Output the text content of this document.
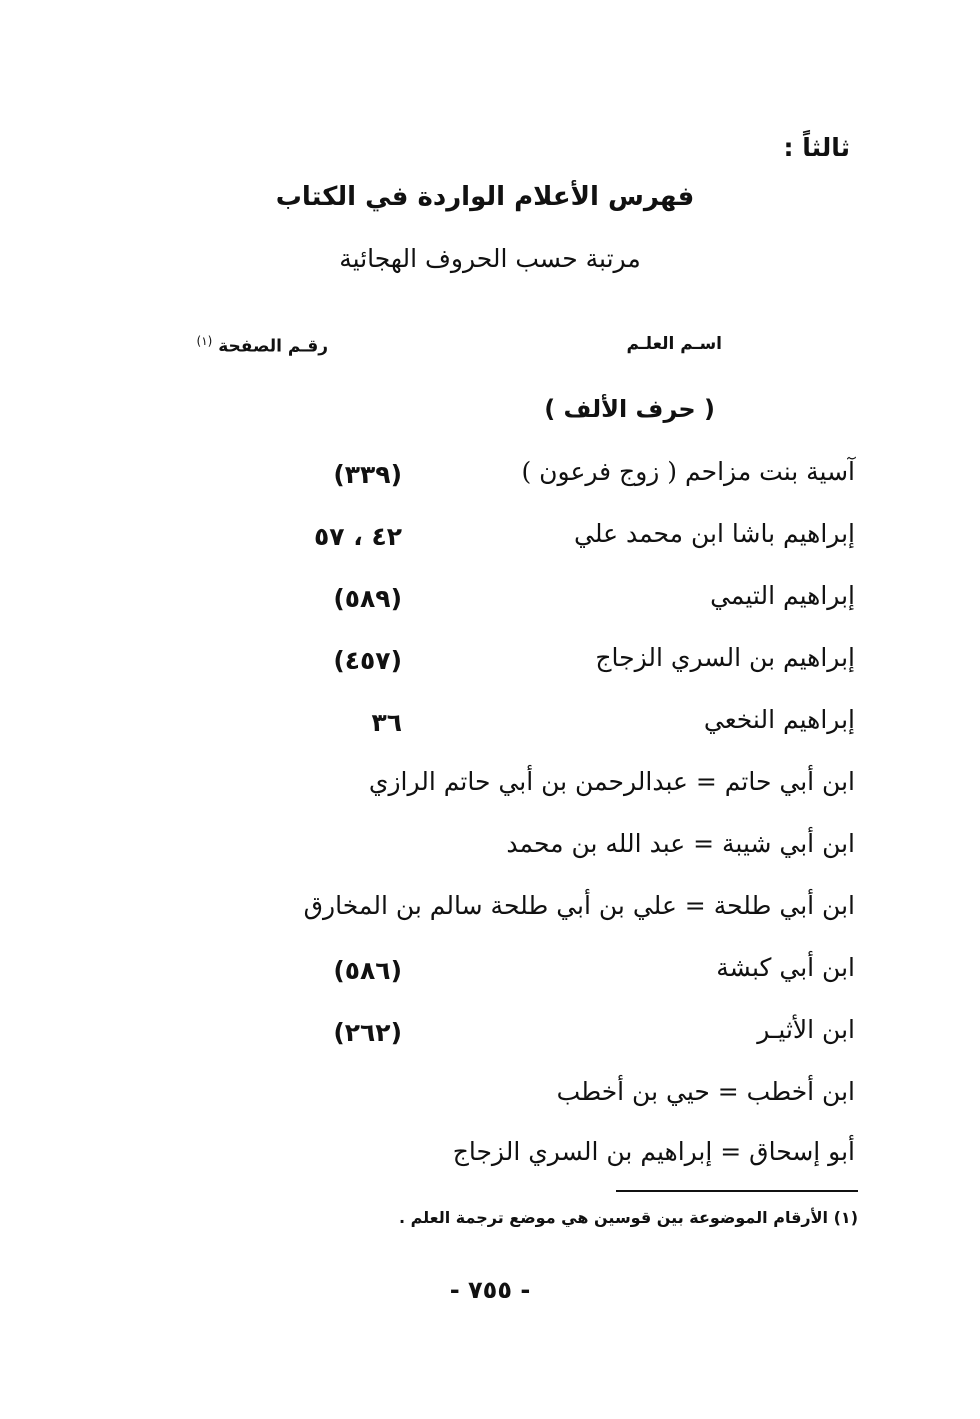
ثالثاً :
فهرس الأعلام الواردة في الكتاب
مرتبة حسب الحروف الهجائية
اسـم العلـم
رقـم الصفحة $^{(١)}$
( حرف الألف )
آسية بنت مزاحم ( زوج فرعون )
(٣٣٩)
إبراهيم باشا ابن محمد علي
٤٢ ، ٥٧
إبراهيم التيمي
(٥٨٩)
إبراهيم بن السري الزجاج
(٤٥٧)
إبراهيم النخعي
٣٦
ابن أبي حاتم = عبدالرحمن بن أبي حاتم الرازي
ابن أبي شيبة = عبد الله بن محمد
ابن أبي طلحة = علي بن أبي طلحة سالم بن المخارق
ابن أبي كبشة
(٥٨٦)
ابن الأثيـر
(٢٦٢)
ابن أخطب = حيي بن أخطب
أبو إسحاق = إبراهيم بن السري الزجاج
(١) الأرقام الموضوعة بين قوسين هي موضع ترجمة العلم .
- ٧٥٥ -
